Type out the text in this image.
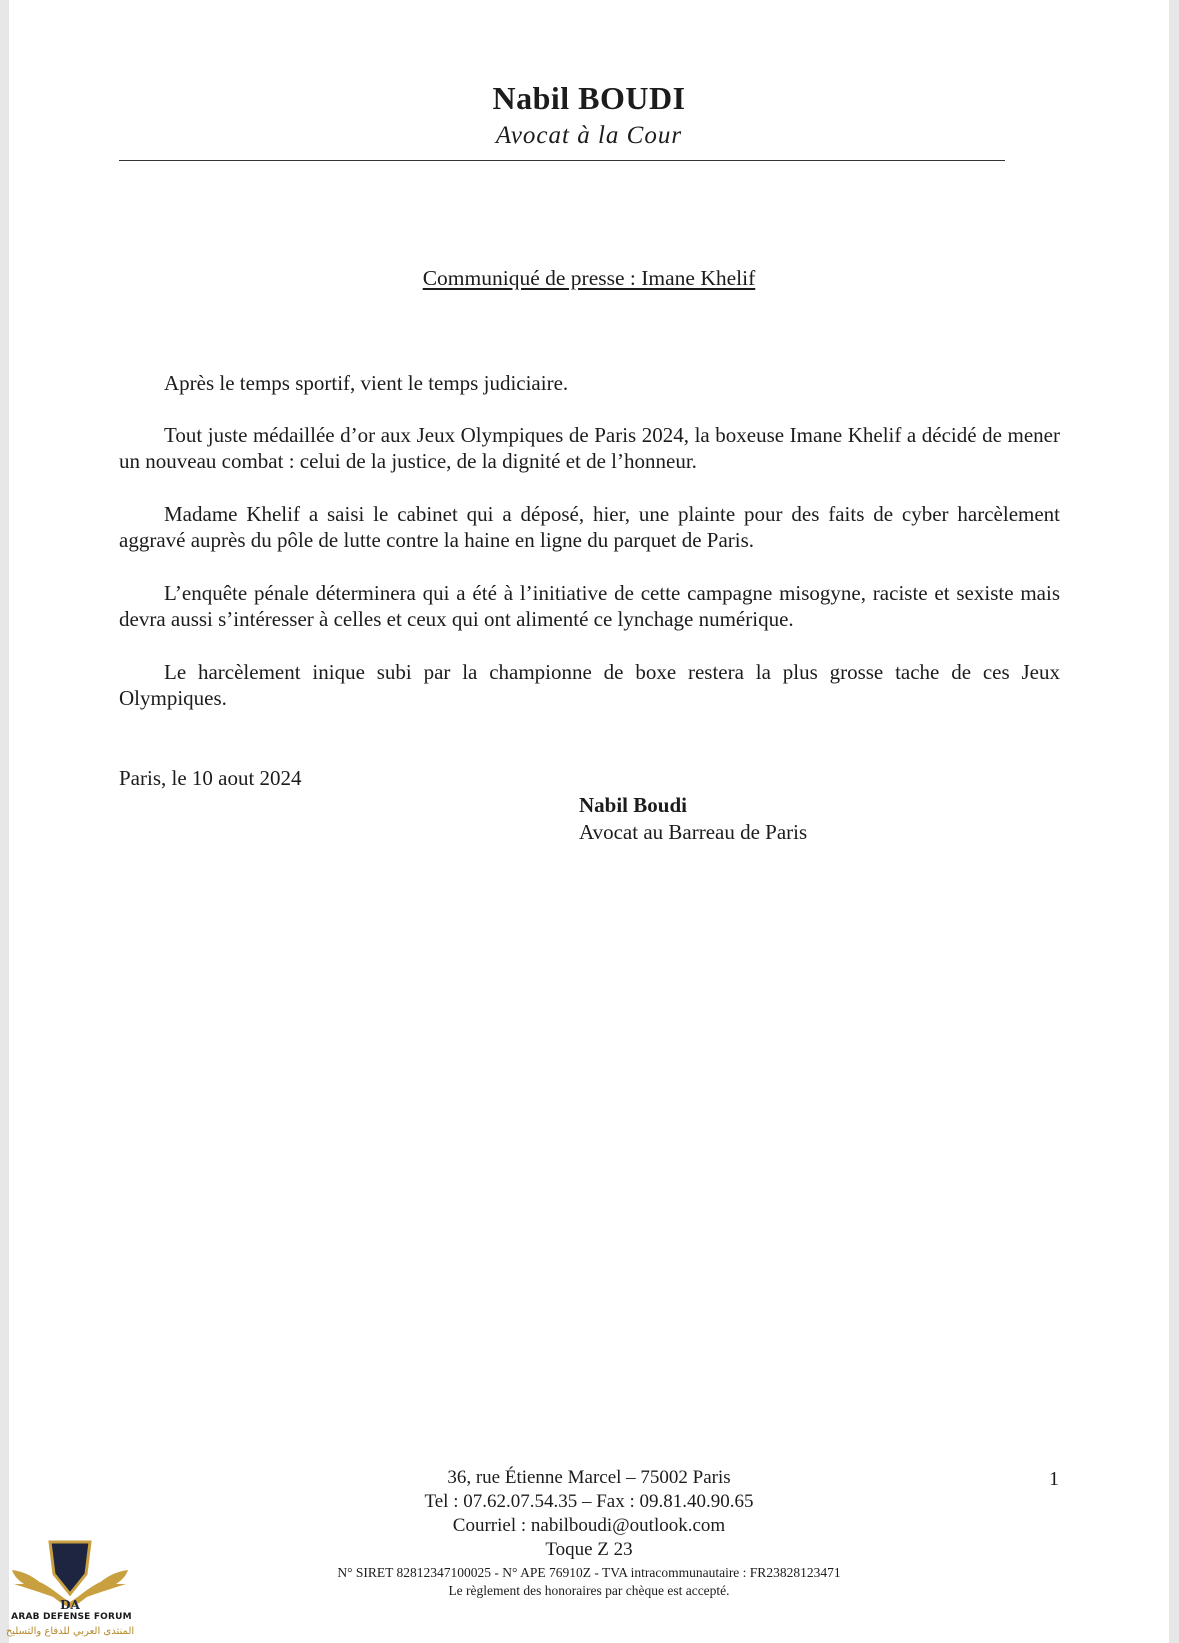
Nabil BOUDI
Avocat à la Cour
Communiqué de presse : Imane Khelif
Après le temps sportif, vient le temps judiciaire.
Tout juste médaillée d’or aux Jeux Olympiques de Paris 2024, la boxeuse Imane Khelif a décidé de mener un nouveau combat : celui de la justice, de la dignité et de l’honneur.
Madame Khelif a saisi le cabinet qui a déposé, hier, une plainte pour des faits de cyber harcèlement aggravé auprès du pôle de lutte contre la haine en ligne du parquet de Paris.
L’enquête pénale déterminera qui a été à l’initiative de cette campagne misogyne, raciste et sexiste mais devra aussi s’intéresser à celles et ceux qui ont alimenté ce lynchage numérique.
Le harcèlement inique subi par la championne de boxe restera la plus grosse tache de ces Jeux Olympiques.
Paris, le 10 aout 2024
Nabil Boudi
Avocat au Barreau de Paris
36, rue Étienne Marcel – 75002 Paris
Tel : 07.62.07.54.35 – Fax : 09.81.40.90.65
Courriel : nabilboudi@outlook.com
Toque Z 23
N° SIRET 82812347100025 - N° APE 76910Z - TVA intracommunautaire : FR23828123471
Le règlement des honoraires par chèque est accepté.
1
DA
ARAB DEFENSE FORUM
المنتدى العربي للدفاع والتسليح
